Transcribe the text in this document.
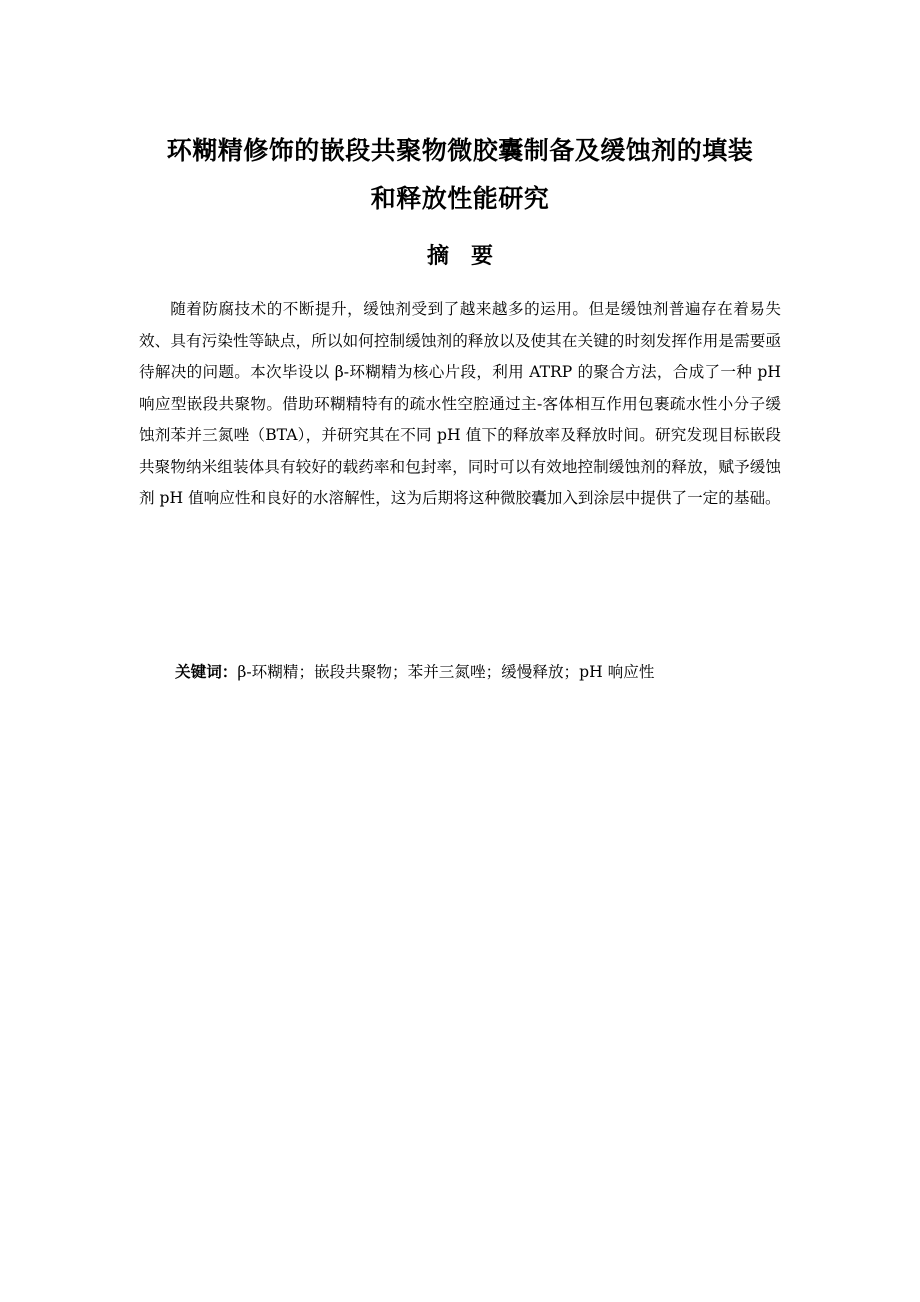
环糊精修饰的嵌段共聚物微胶囊制备及缓蚀剂的填装
和释放性能研究
摘要

随着防腐技术的不断提升，缓蚀剂受到了越来越多的运用。但是缓蚀剂普遍存在着易失效、具有污染性等缺点，所以如何控制缓蚀剂的释放以及使其在关键的时刻发挥作用是需要亟待解决的问题。本次毕设以 β-环糊精为核心片段，利用 ATRP 的聚合方法，合成了一种 pH 响应型嵌段共聚物。借助环糊精特有的疏水性空腔通过主-客体相互作用包裹疏水性小分子缓蚀剂苯并三氮唑（BTA），并研究其在不同 pH 值下的释放率及释放时间。研究发现目标嵌段共聚物纳米组装体具有较好的载药率和包封率，同时可以有效地控制缓蚀剂的释放，赋予缓蚀剂 pH 值响应性和良好的水溶解性，这为后期将这种微胶囊加入到涂层中提供了一定的基础。

关键词：β-环糊精；嵌段共聚物；苯并三氮唑；缓慢释放；pH 响应性
